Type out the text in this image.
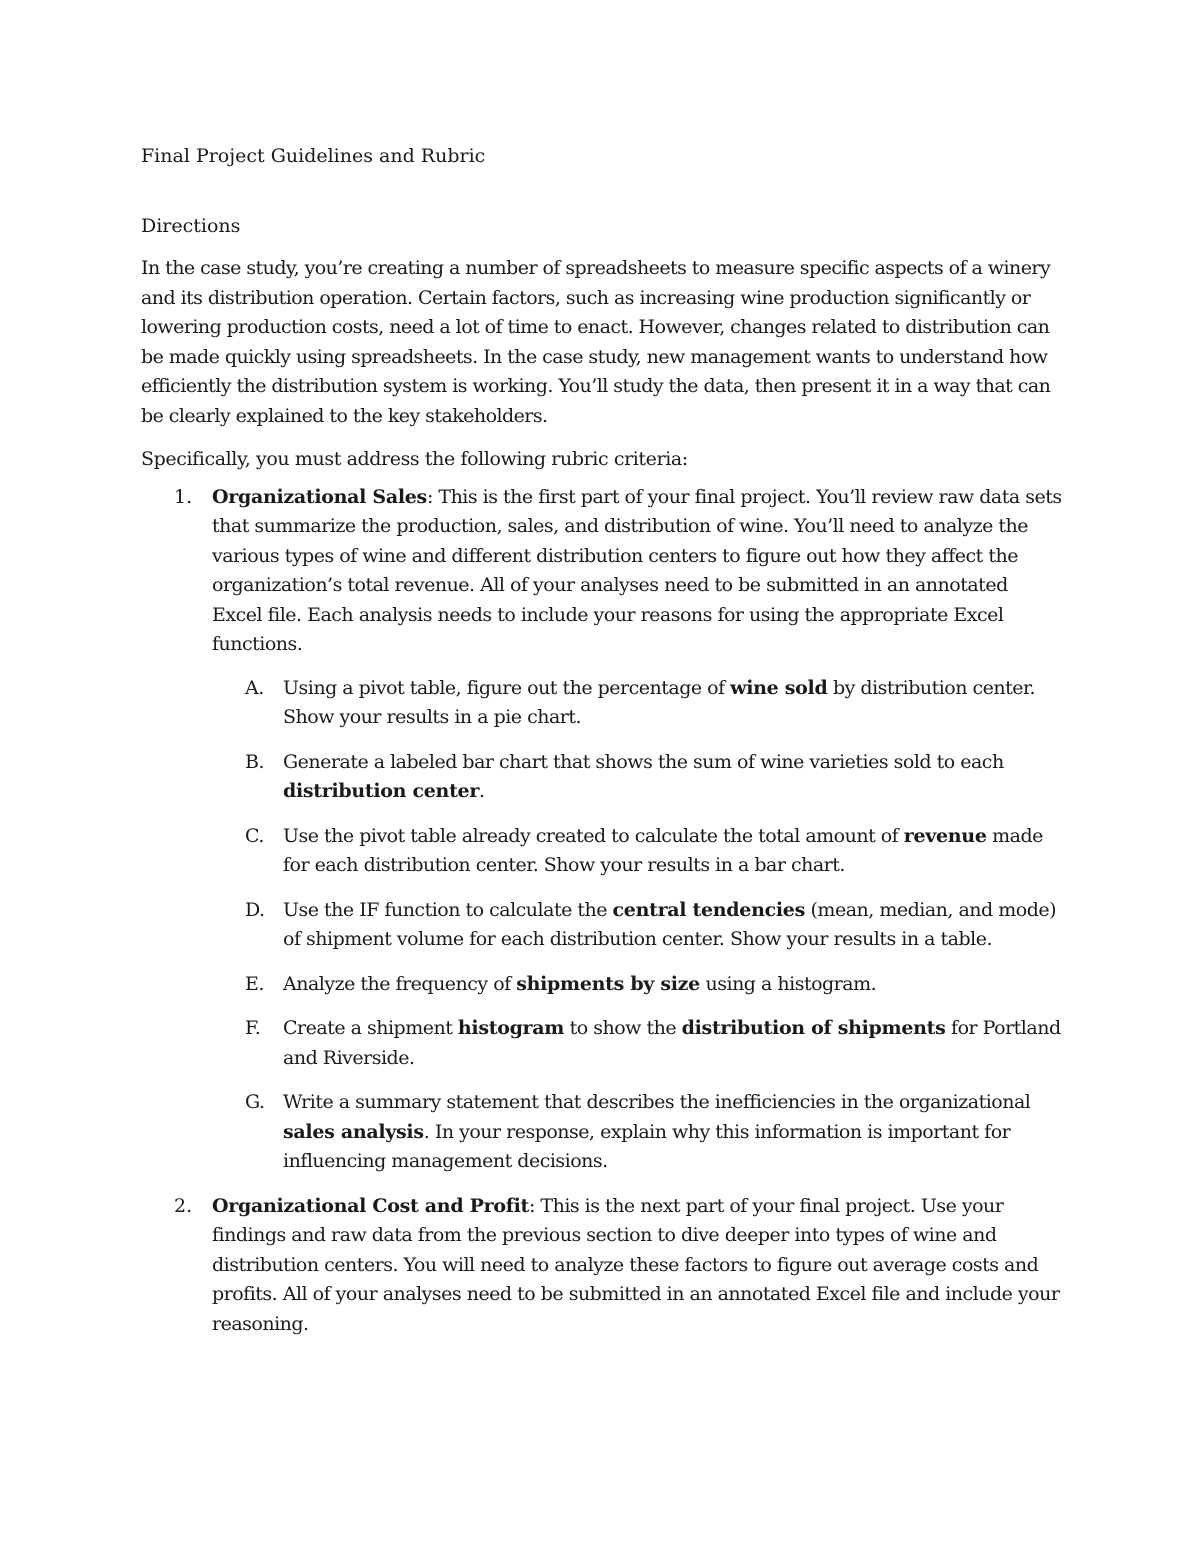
Final Project Guidelines and Rubric
Directions

In the case study, you’re creating a number of spreadsheets to measure specific aspects of a winery and its distribution operation. Certain factors, such as increasing wine production significantly or lowering production costs, need a lot of time to enact. However, changes related to distribution can be made quickly using spreadsheets. In the case study, new management wants to understand how efficiently the distribution system is working. You’ll study the data, then present it in a way that can be clearly explained to the key stakeholders.

Specifically, you must address the following rubric criteria:

1. Organizational Sales: This is the first part of your final project. You’ll review raw data sets that summarize the production, sales, and distribution of wine. You’ll need to analyze the various types of wine and different distribution centers to figure out how they affect the organization’s total revenue. All of your analyses need to be submitted in an annotated Excel file. Each analysis needs to include your reasons for using the appropriate Excel functions.
A. Using a pivot table, figure out the percentage of wine sold by distribution center. Show your results in a pie chart.
B. Generate a labeled bar chart that shows the sum of wine varieties sold to each distribution center.
C. Use the pivot table already created to calculate the total amount of revenue made for each distribution center. Show your results in a bar chart.
D. Use the IF function to calculate the central tendencies (mean, median, and mode) of shipment volume for each distribution center. Show your results in a table.
E. Analyze the frequency of shipments by size using a histogram.
F. Create a shipment histogram to show the distribution of shipments for Portland and Riverside.
G. Write a summary statement that describes the inefficiencies in the organizational sales analysis. In your response, explain why this information is important for influencing management decisions.
2. Organizational Cost and Profit: This is the next part of your final project. Use your findings and raw data from the previous section to dive deeper into types of wine and distribution centers. You will need to analyze these factors to figure out average costs and profits. All of your analyses need to be submitted in an annotated Excel file and include your reasoning.
